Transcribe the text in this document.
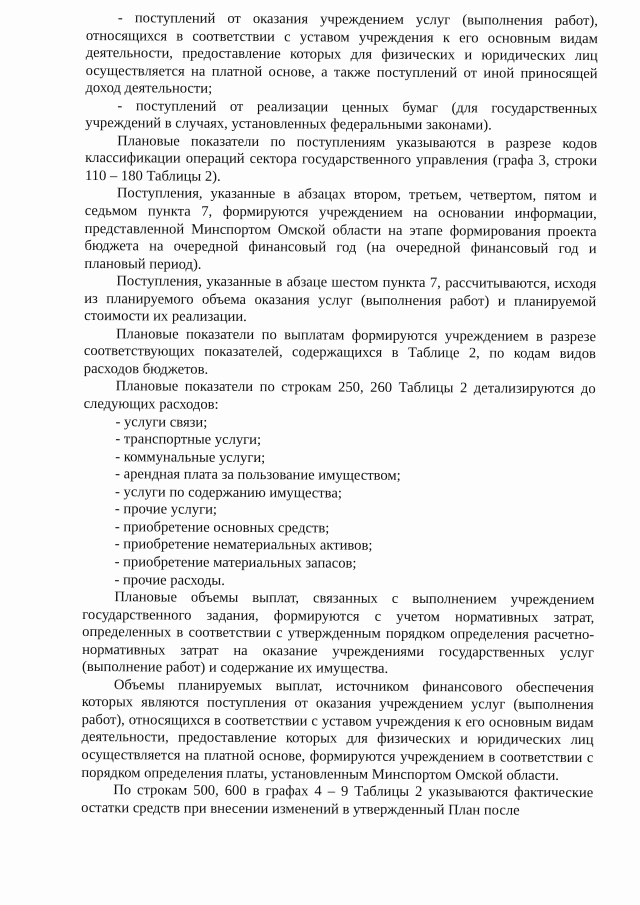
- поступлений от оказания учреждением услуг (выполнения работ), относящихся в соответствии с уставом учреждения к его основным видам деятельности, предоставление которых для физических и юридических лиц осуществляется на платной основе, а также поступлений от иной приносящей доход деятельности;

- поступлений от реализации ценных бумаг (для государственных учреждений в случаях, установленных федеральными законами).

Плановые показатели по поступлениям указываются в разрезе кодов классификации операций сектора государственного управления (графа 3, строки 110 – 180 Таблицы 2).

Поступления, указанные в абзацах втором, третьем, четвертом, пятом и седьмом пункта 7, формируются учреждением на основании информации, представленной Минспортом Омской области на этапе формирования проекта бюджета на очередной финансовый год (на очередной финансовый год и плановый период).

Поступления, указанные в абзаце шестом пункта 7, рассчитываются, исходя из планируемого объема оказания услуг (выполнения работ) и планируемой стоимости их реализации.

Плановые показатели по выплатам формируются учреждением в разрезе соответствующих показателей, содержащихся в Таблице 2, по кодам видов расходов бюджетов.

Плановые показатели по строкам 250, 260 Таблицы 2 детализируются до следующих расходов:

- услуги связи;
- транспортные услуги;
- коммунальные услуги;
- арендная плата за пользование имуществом;
- услуги по содержанию имущества;
- прочие услуги;
- приобретение основных средств;
- приобретение нематериальных активов;
- приобретение материальных запасов;
- прочие расходы.

Плановые объемы выплат, связанных с выполнением учреждением государственного задания, формируются с учетом нормативных затрат, определенных в соответствии с утвержденным порядком определения расчетно-нормативных затрат на оказание учреждениями государственных услуг (выполнение работ) и содержание их имущества.

Объемы планируемых выплат, источником финансового обеспечения которых являются поступления от оказания учреждением услуг (выполнения работ), относящихся в соответствии с уставом учреждения к его основным видам деятельности, предоставление которых для физических и юридических лиц осуществляется на платной основе, формируются учреждением в соответствии с порядком определения платы, установленным Минспортом Омской области.

По строкам 500, 600 в графах 4 – 9 Таблицы 2 указываются фактические остатки средств при внесении изменений в утвержденный План после
